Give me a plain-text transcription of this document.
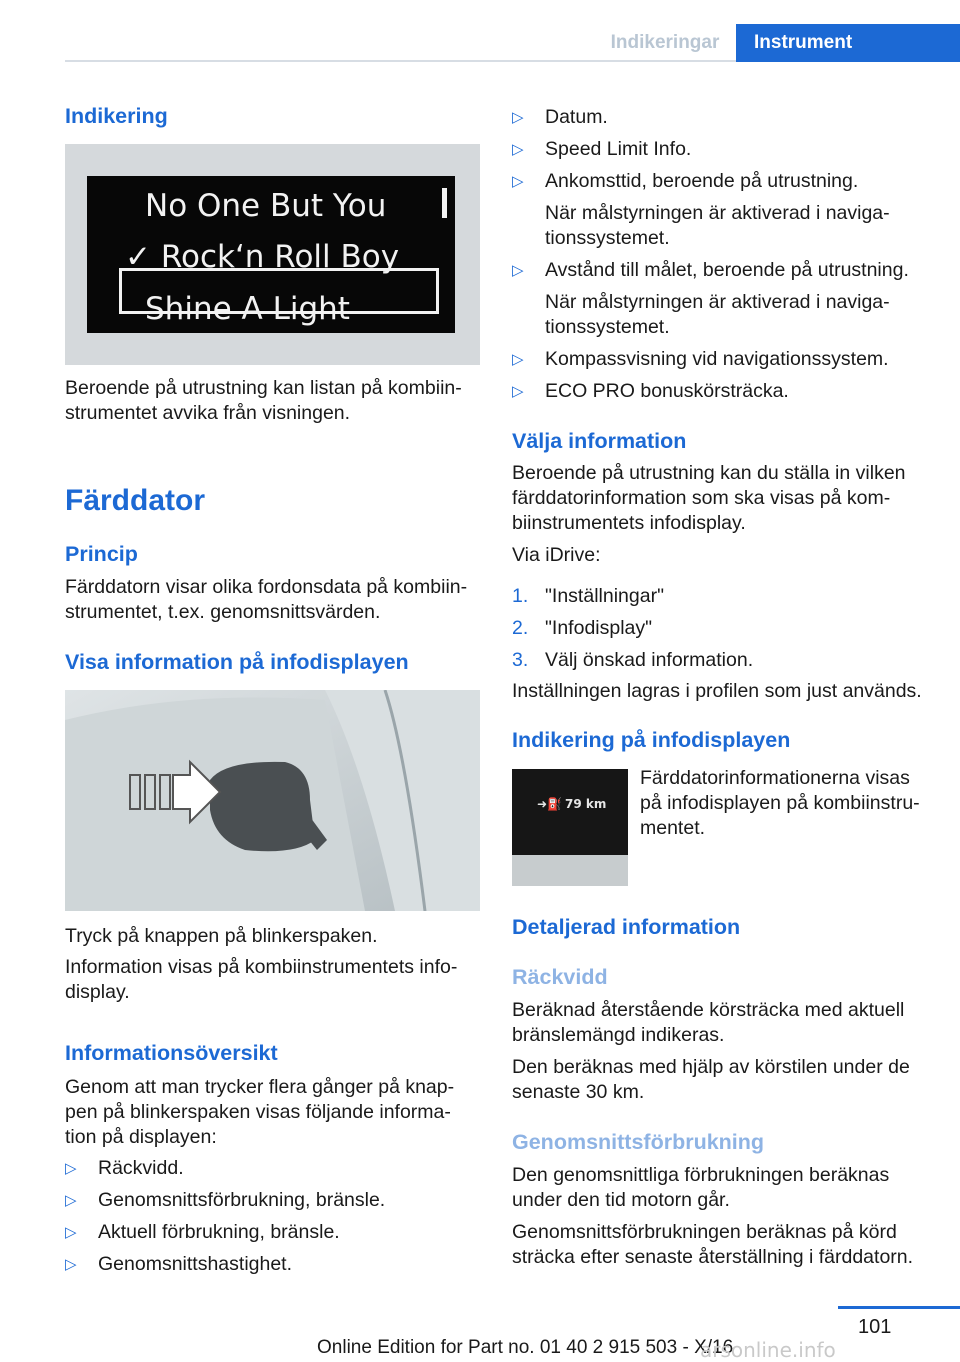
Indikeringar	Instrument
Indikering
No One But You
✓ Rock‘n Roll Boy
Shine A Light
Beroende på utrustning kan listan på kombiin-
strumentet avvika från visningen.
Färddator
Princip
Färddatorn visar olika fordonsdata på kombiin-
strumentet, t.ex. genomsnittsvärden.
Visa information på infodisplayen
Tryck på knappen på blinkerspaken.
Information visas på kombiinstrumentets info-
display.
Informationsöversikt
Genom att man trycker flera gånger på knap-
pen på blinkerspaken visas följande informa-
tion på displayen:
▷ Räckvidd.
▷ Genomsnittsförbrukning, bränsle.
▷ Aktuell förbrukning, bränsle.
▷ Genomsnittshastighet.
▷ Datum.
▷ Speed Limit Info.
▷ Ankomsttid, beroende på utrustning.
När målstyrningen är aktiverad i naviga-
tionssystemet.
▷ Avstånd till målet, beroende på utrustning.
När målstyrningen är aktiverad i naviga-
tionssystemet.
▷ Kompassvisning vid navigationssystem.
▷ ECO PRO bonuskörsträcka.
Välja information
Beroende på utrustning kan du ställa in vilken
färddatorinformation som ska visas på kom-
biinstrumentets infodisplay.
Via iDrive:
1. "Inställningar"
2. "Infodisplay"
3. Välj önskad information.
Inställningen lagras i profilen som just används.
Indikering på infodisplayen
➜⛽ 79 km
Färddatorinformationerna visas
på infodisplayen på kombiinstru-
mentet.
Detaljerad information
Räckvidd
Beräknad återstående körsträcka med aktuell
bränslemängd indikeras.
Den beräknas med hjälp av körstilen under de
senaste 30 km.
Genomsnittsförbrukning
Den genomsnittliga förbrukningen beräknas
under den tid motorn går.
Genomsnittsförbrukningen beräknas på körd
sträcka efter senaste återställning i färddatorn.
101
Online Edition for Part no. 01 40 2 915 503 - X/16
arsonline.info
